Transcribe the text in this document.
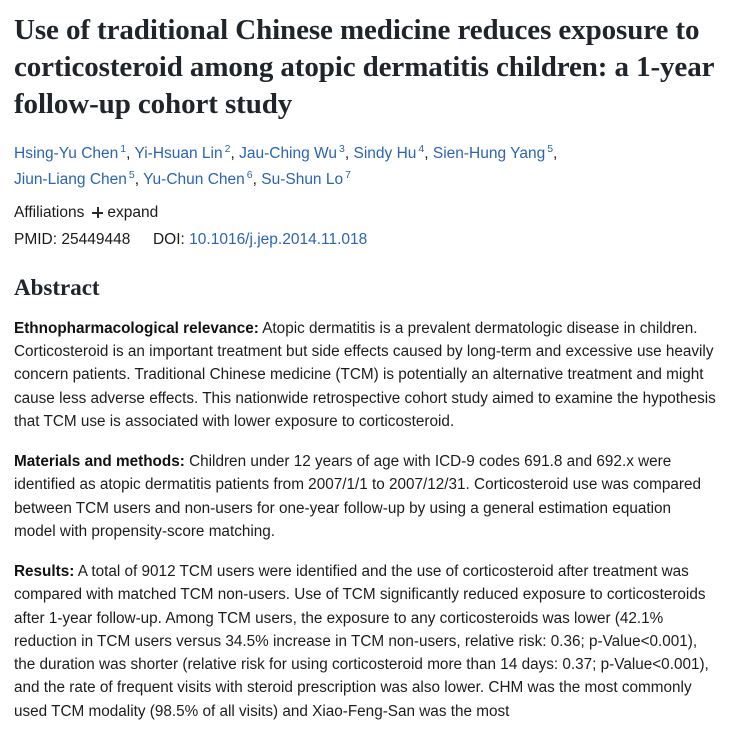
Use of traditional Chinese medicine reduces exposure to corticosteroid among atopic dermatitis children: a 1-year follow-up cohort study
Hsing-Yu Chen $^1$, Yi-Hsuan Lin $^2$, Jau-Ching Wu $^3$, Sindy Hu $^4$, Sien-Hung Yang $^5$,
Jiun-Liang Chen $^5$, Yu-Chun Chen $^6$, Su-Shun Lo $^7$
Affiliations expand
PMID: 25449448 DOI: 10.1016/j.jep.2014.11.018
Abstract

Ethnopharmacological relevance: Atopic dermatitis is a prevalent dermatologic disease in children. Corticosteroid is an important treatment but side effects caused by long-term and excessive use heavily concern patients. Traditional Chinese medicine (TCM) is potentially an alternative treatment and might cause less adverse effects. This nationwide retrospective cohort study aimed to examine the hypothesis that TCM use is associated with lower exposure to corticosteroid.

Materials and methods: Children under 12 years of age with ICD-9 codes 691.8 and 692.x were identified as atopic dermatitis patients from 2007/1/1 to 2007/12/31. Corticosteroid use was compared between TCM users and non-users for one-year follow-up by using a general estimation equation model with propensity-score matching.

Results: A total of 9012 TCM users were identified and the use of corticosteroid after treatment was compared with matched TCM non-users. Use of TCM significantly reduced exposure to corticosteroids after 1-year follow-up. Among TCM users, the exposure to any corticosteroids was lower (42.1% reduction in TCM users versus 34.5% increase in TCM non-users, relative risk: 0.36; p-Value<0.001), the duration was shorter (relative risk for using corticosteroid more than 14 days: 0.37; p-Value<0.001), and the rate of frequent visits with steroid prescription was also lower. CHM was the most commonly used TCM modality (98.5% of all visits) and Xiao-Feng-San was the most
